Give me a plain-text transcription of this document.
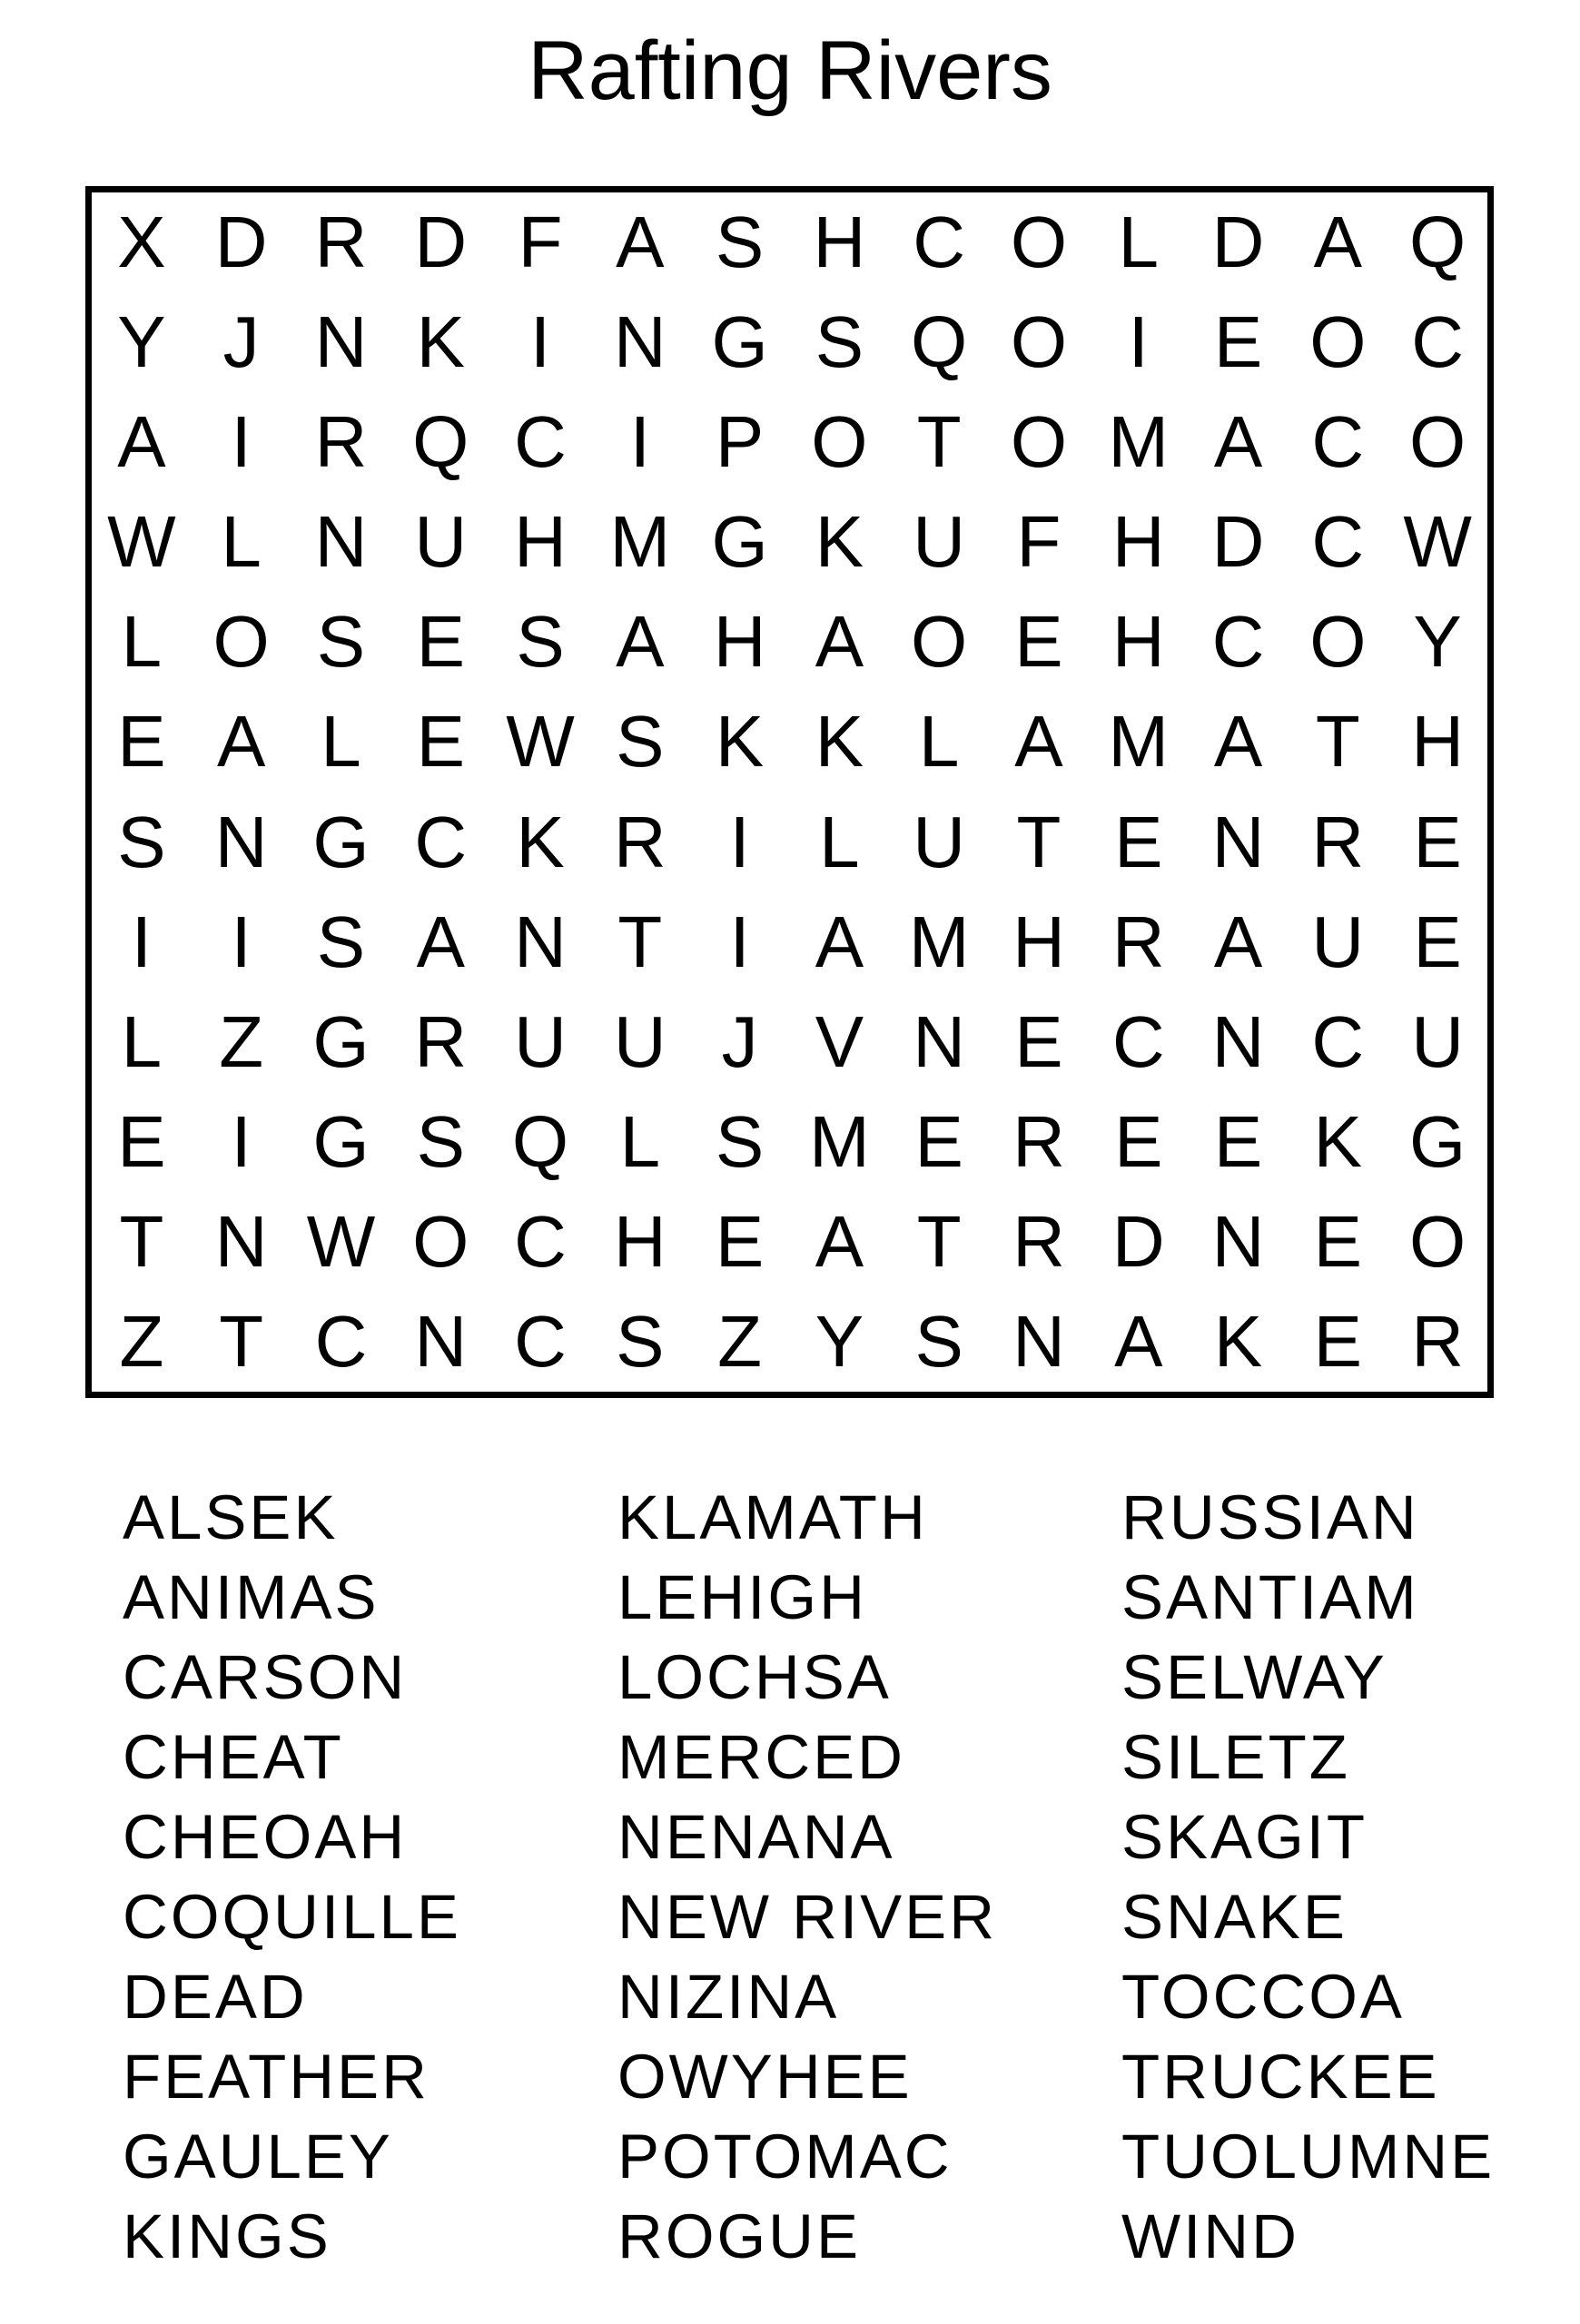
Rafting Rivers
X D R D F A S H C O L D A Q
Y J N K I N G S Q O I E O C
A I R Q C I P O T O M A C O
W L N U H M G K U F H D C W
L O S E S A H A O E H C O Y
E A L E W S K K L A M A T H
S N G C K R I L U T E N R E
I	I S A N T I A M H R A U E
L Z G R U U J V N E C N C U
E I G S Q L S M E R E E K G
T N W O C H E A T R D N E O
Z T C N C S Z Y S N A K E R
ALSEK
ANIMAS
CARSON
CHEAT
CHEOAH
COQUILLE
DEAD
FEATHER
GAULEY
KINGS
KLAMATH
LEHIGH
LOCHSA
MERCED
NENANA
NEW RIVER
NIZINA
OWYHEE
POTOMAC
ROGUE
RUSSIAN
SANTIAM
SELWAY
SILETZ
SKAGIT
SNAKE
TOCCOA
TRUCKEE
TUOLUMNE
WIND
